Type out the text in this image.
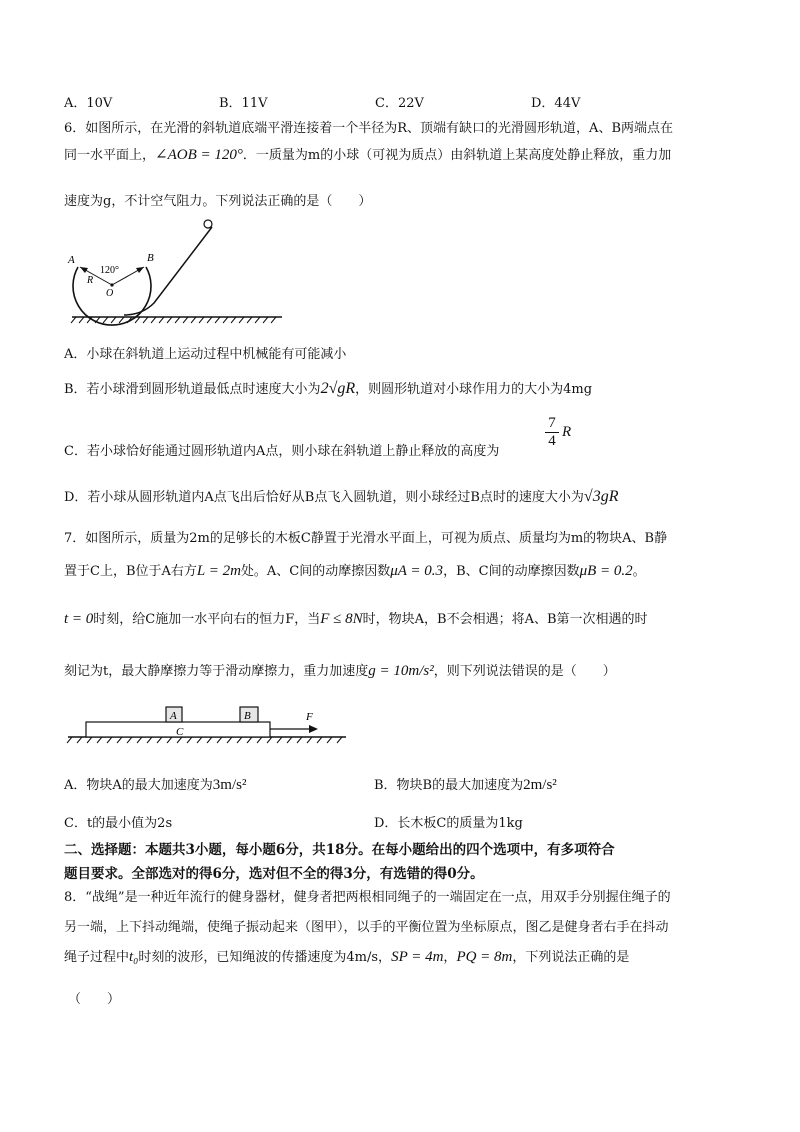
A．10V	B．11V	C．22V	D．44V
6．如图所示，在光滑的斜轨道底端平滑连接着一个半径为R、顶端有缺口的光滑圆形轨道，A、B两端点在
同一水平面上，∠AOB = 120°．一质量为m的小球（可视为质点）由斜轨道上某高度处静止释放，重力加
速度为g，不计空气阻力。下列说法正确的是（　　）
A	B
R
O
120°
A．小球在斜轨道上运动过程中机械能有可能减小
B．若小球滑到圆形轨道最低点时速度大小为2√gR，则圆形轨道对小球作用力的大小为4mg
C．若小球恰好能通过圆形轨道内A点，则小球在斜轨道上静止释放的高度为
7
4
R
D．若小球从圆形轨道内A点飞出后恰好从B点飞入圆轨道，则小球经过B点时的速度大小为√3gR
7．如图所示，质量为2m的足够长的木板C静置于光滑水平面上，可视为质点、质量均为m的物块A、B静
置于C上，B位于A右方L = 2m处。A、C间的动摩擦因数μA = 0.3，B、C间的动摩擦因数μB = 0.2。
t = 0时刻，给C施加一水平向右的恒力F，当F ≤ 8N时，物块A，B不会相遇；将A、B第一次相遇的时
刻记为t，最大静摩擦力等于滑动摩擦力，重力加速度g = 10m/s²，则下列说法错误的是（　　）
A	B
C
F
A．物块A的最大加速度为3m/s²	B．物块B的最大加速度为2m/s²
C．t的最小值为2s	D．长木板C的质量为1kg
二、选择题：本题共3小题，每小题6分，共18分。在每小题给出的四个选项中，有多项符合
题目要求。全部选对的得6分，选对但不全的得3分，有选错的得0分。
8．“战绳”是一种近年流行的健身器材，健身者把两根相同绳子的一端固定在一点，用双手分别握住绳子的
另一端，上下抖动绳端，使绳子振动起来（图甲），以手的平衡位置为坐标原点，图乙是健身者右手在抖动
绳子过程中t₀时刻的波形，已知绳波的传播速度为4m/s，SP = 4m，PQ = 8m，下列说法正确的是
（　　）
